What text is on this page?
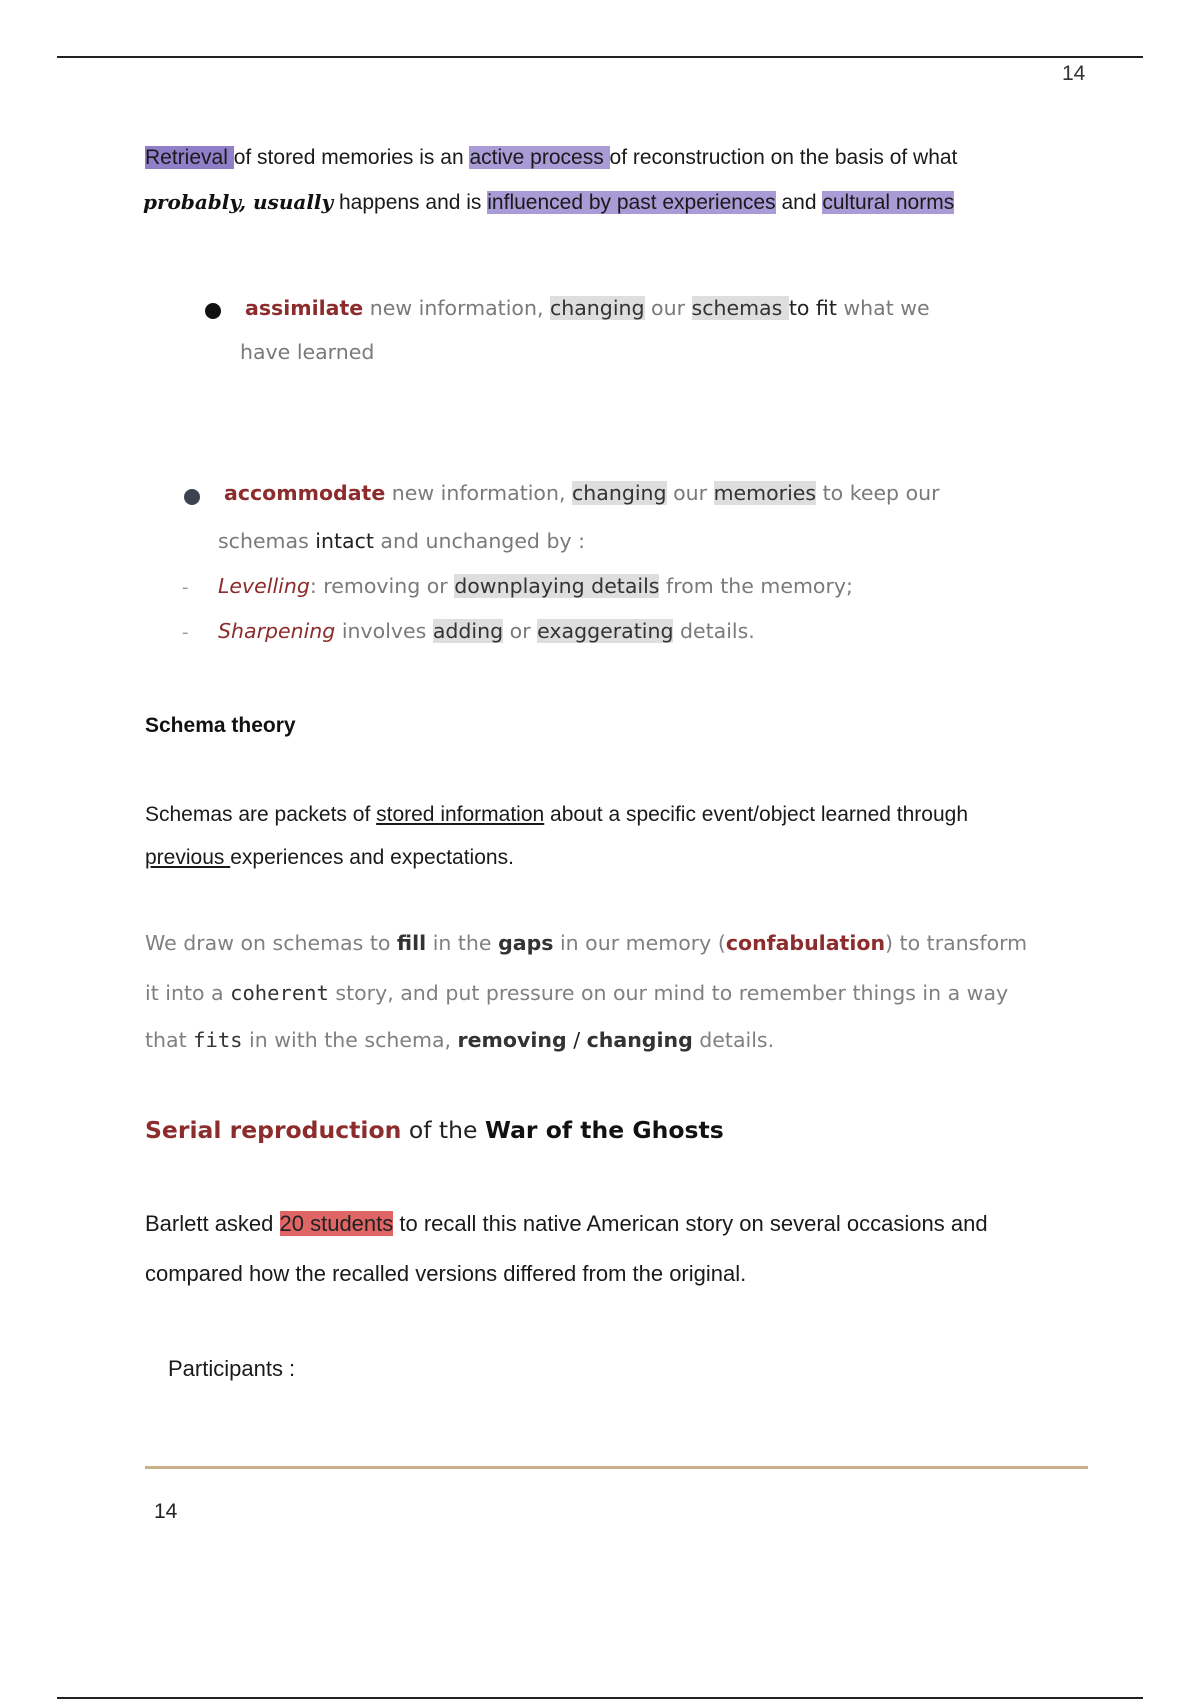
14
Retrieval of stored memories is an active process of reconstruction on the basis of what
probably, usually happens and is influenced by past experiences and cultural norms
assimilate new information, changing our schemas to fit what we
have learned
accommodate new information, changing our memories to keep our
schemas intact and unchanged by :
- Levelling: removing or downplaying details from the memory;
- Sharpening involves adding or exaggerating details.
Schema theory
Schemas are packets of stored information about a specific event/object learned through
previous experiences and expectations.
We draw on schemas to fill in the gaps in our memory (confabulation) to transform
it into a coherent story, and put pressure on our mind to remember things in a way
that fits in with the schema, removing / changing details.
Serial reproduction of the War of the Ghosts
Barlett asked 20 students to recall this native American story on several occasions and
compared how the recalled versions differed from the original.
Participants :
14
